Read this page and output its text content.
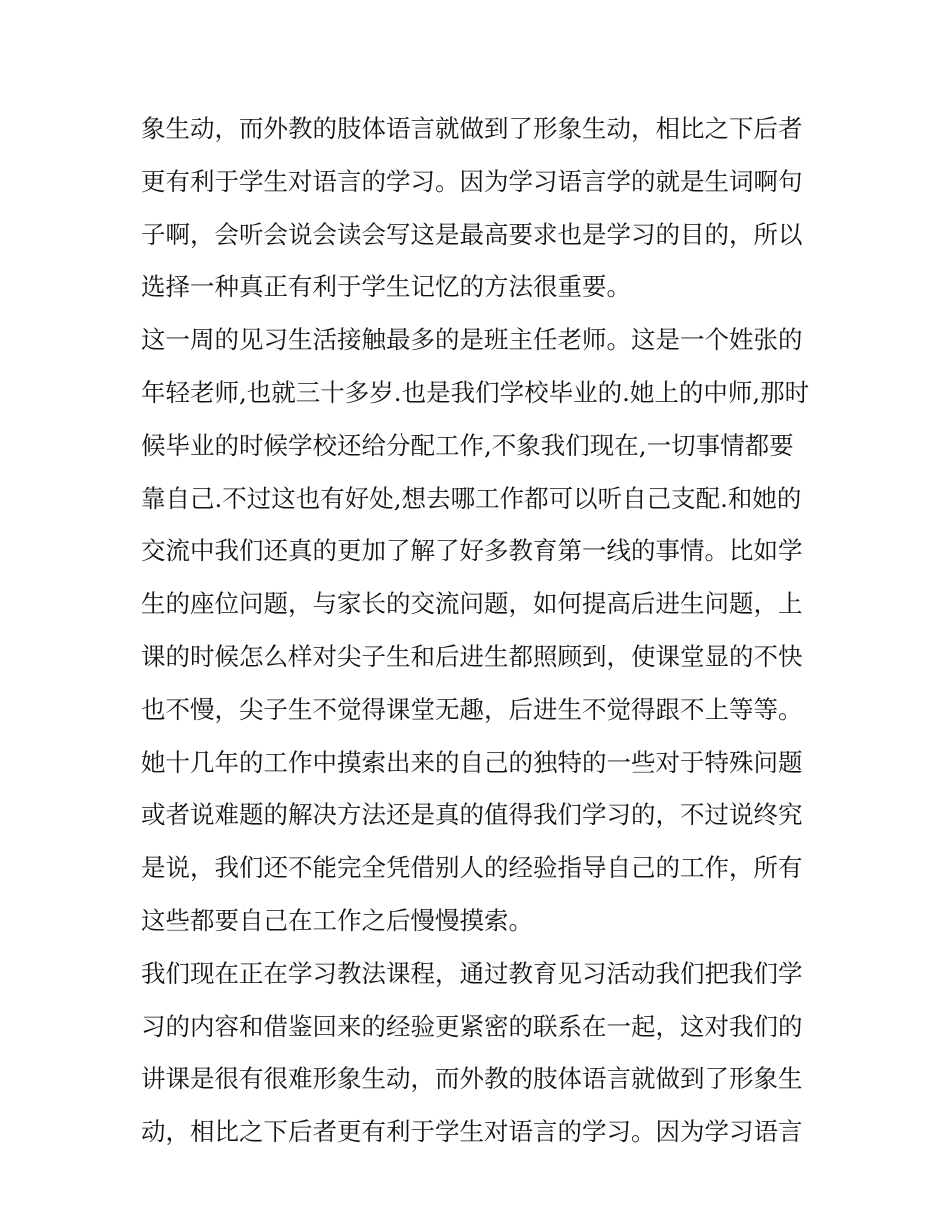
象生动，而外教的肢体语言就做到了形象生动，相比之下后者
更有利于学生对语言的学习。因为学习语言学的就是生词啊句
子啊，会听会说会读会写这是最高要求也是学习的目的，所以
选择一种真正有利于学生记忆的方法很重要。
这一周的见习生活接触最多的是班主任老师。这是一个姓张的
年轻老师,也就三十多岁.也是我们学校毕业的.她上的中师,那时
候毕业的时候学校还给分配工作,不象我们现在,一切事情都要
靠自己.不过这也有好处,想去哪工作都可以听自己支配.和她的
交流中我们还真的更加了解了好多教育第一线的事情。比如学
生的座位问题，与家长的交流问题，如何提高后进生问题，上
课的时候怎么样对尖子生和后进生都照顾到，使课堂显的不快
也不慢，尖子生不觉得课堂无趣，后进生不觉得跟不上等等。
她十几年的工作中摸索出来的自己的独特的一些对于特殊问题
或者说难题的解决方法还是真的值得我们学习的，不过说终究
是说，我们还不能完全凭借别人的经验指导自己的工作，所有
这些都要自己在工作之后慢慢摸索。
我们现在正在学习教法课程，通过教育见习活动我们把我们学
习的内容和借鉴回来的经验更紧密的联系在一起，这对我们的
讲课是很有很难形象生动，而外教的肢体语言就做到了形象生
动，相比之下后者更有利于学生对语言的学习。因为学习语言
